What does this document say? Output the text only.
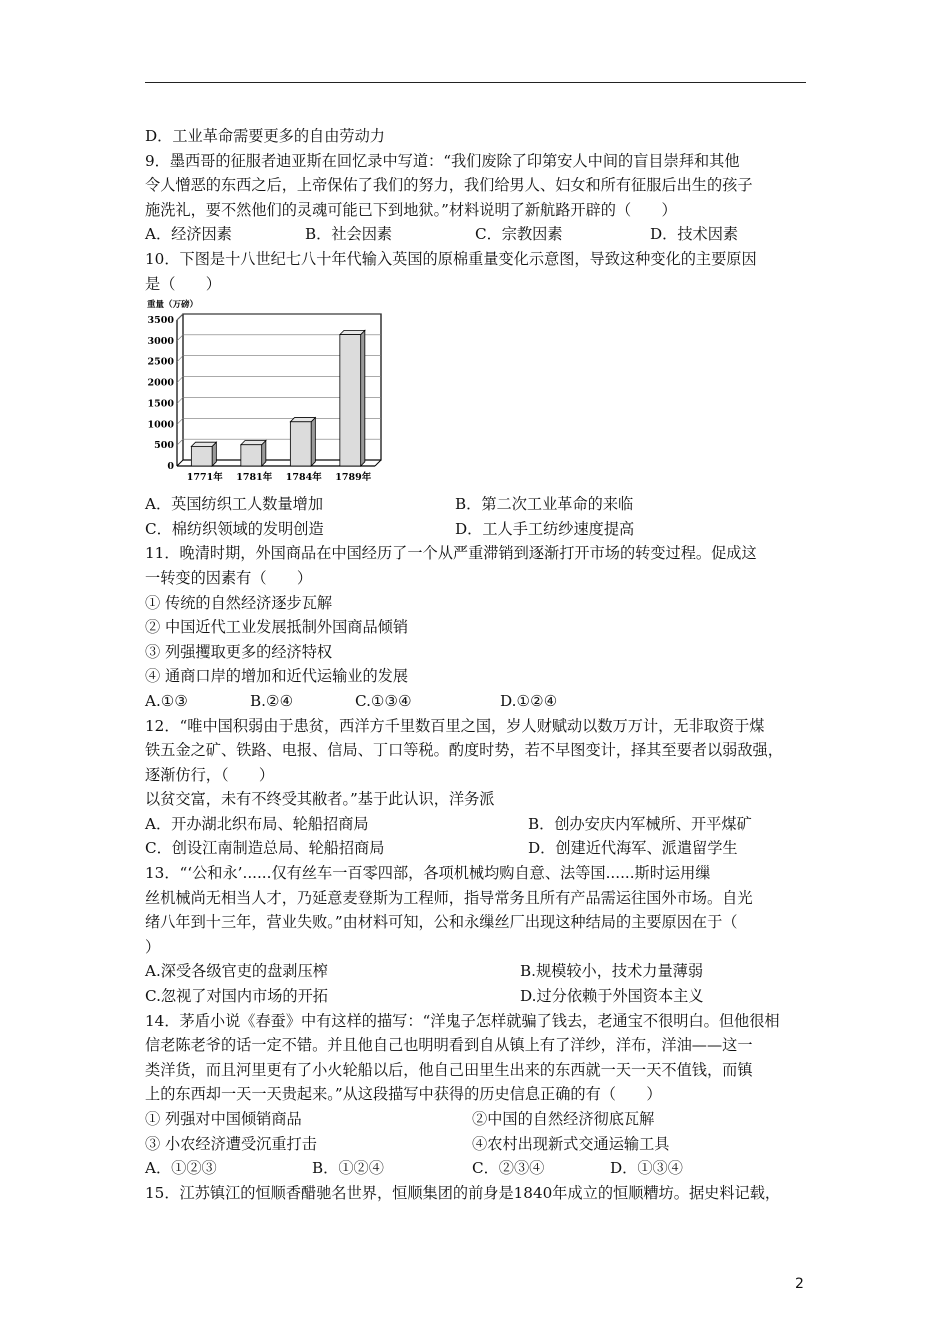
D．工业革命需要更多的自由劳动力
9．墨西哥的征服者迪亚斯在回忆录中写道：“我们废除了印第安人中间的盲目崇拜和其他
令人憎恶的东西之后，上帝保佑了我们的努力，我们给男人、妇女和所有征服后出生的孩子
施洗礼，要不然他们的灵魂可能已下到地狱。”材料说明了新航路开辟的（　　）
A．经济因素	B．社会因素	C．宗教因素	D．技术因素
10．下图是十八世纪七八十年代输入英国的原棉重量变化示意图，导致这种变化的主要原因
是（　　）
重量（万磅）
3500
3000
2500
2000
1500
1000
500
0
1771年 1781年 1784年 1789年
A．英国纺织工人数量增加	B．第二次工业革命的来临
C．棉纺织领域的发明创造	D．工人手工纺纱速度提高
11．晚清时期，外国商品在中国经历了一个从严重滞销到逐渐打开市场的转变过程。促成这
一转变的因素有（　　）
① 传统的自然经济逐步瓦解
② 中国近代工业发展抵制外国商品倾销
③ 列强攫取更多的经济特权
④ 通商口岸的增加和近代运输业的发展
A.①③	B.②④	C.①③④	D.①②④
12．“唯中国积弱由于患贫，西洋方千里数百里之国，岁人财赋动以数万万计，无非取资于煤
铁五金之矿、铁路、电报、信局、丁口等税。酌度时势，若不早图变计，择其至要者以弱敌强，
逐渐仿行，（　　）
以贫交富，未有不终受其敝者。”基于此认识，洋务派
A．开办湖北织布局、轮船招商局	B．创办安庆内军械所、开平煤矿
C．创设江南制造总局、轮船招商局	D．创建近代海军、派遣留学生
13．“‘公和永’......仅有丝车一百零四部，各项机械均购自意、法等国......斯时运用缫
丝机械尚无相当人才，乃延意麦登斯为工程师，指导常务且所有产品需运往国外市场。自光
绪八年到十三年，营业失败。”由材料可知，公和永缫丝厂出现这种结局的主要原因在于（
）
A.深受各级官吏的盘剥压榨	B.规模较小，技术力量薄弱
C.忽视了对国内市场的开拓	D.过分依赖于外国资本主义
14．茅盾小说《春蚕》中有这样的描写：“洋鬼子怎样就骗了钱去，老通宝不很明白。但他很相
信老陈老爷的话一定不错。并且他自己也明明看到自从镇上有了洋纱，洋布，洋油——这一
类洋货，而且河里更有了小火轮船以后，他自己田里生出来的东西就一天一天不值钱，而镇
上的东西却一天一天贵起来。”从这段描写中获得的历史信息正确的有（　　）
① 列强对中国倾销商品	②中国的自然经济彻底瓦解
③ 小农经济遭受沉重打击	④农村出现新式交通运输工具
A．①②③	B．①②④	C．②③④	D．①③④
15．江苏镇江的恒顺香醋驰名世界，恒顺集团的前身是1840年成立的恒顺糟坊。据史料记载，
2
